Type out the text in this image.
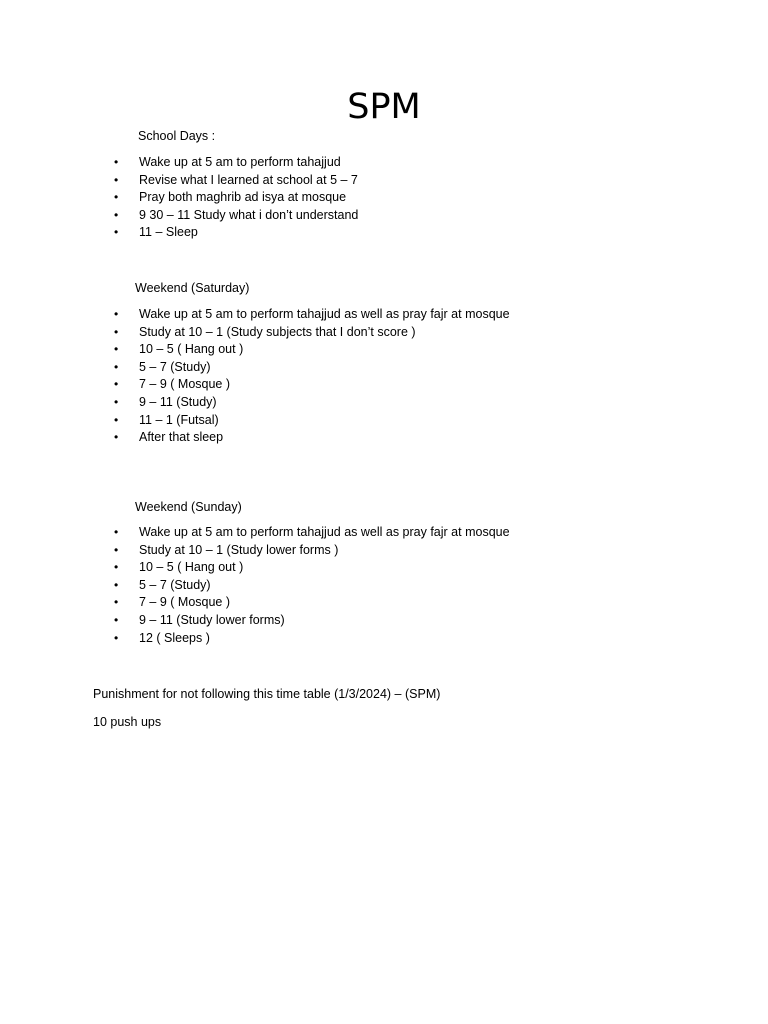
SPM

School Days :

•	Wake up at 5 am to perform tahajjud
•	Revise what I learned at school at 5 – 7
•	Pray both maghrib ad isya at mosque
•	9 30 – 11 Study what i don’t understand
•	11 – Sleep

Weekend (Saturday)

•	Wake up at 5 am to perform tahajjud as well as pray fajr at mosque
•	Study at 10 – 1 (Study subjects that I don’t score )
•	10 – 5 ( Hang out )
•	5 – 7 (Study)
•	7 – 9 ( Mosque )
•	9 – 11 (Study)
•	11 – 1 (Futsal)
•	After that sleep

Weekend (Sunday)

•	Wake up at 5 am to perform tahajjud as well as pray fajr at mosque
•	Study at 10 – 1 (Study lower forms )
•	10 – 5 ( Hang out )
•	5 – 7 (Study)
•	7 – 9 ( Mosque )
•	9 – 11 (Study lower forms)
•	12 ( Sleeps )

Punishment for not following this time table (1/3/2024) – (SPM)

10 push ups
